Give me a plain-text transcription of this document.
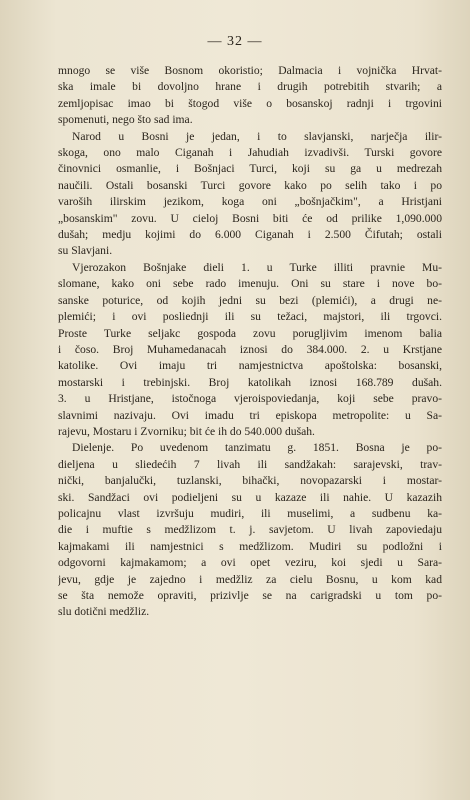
— 32 —
mnogo se više Bosnom okoristio; Dalmacia i vojnička Hrvat-
ska imale bi dovoljno hrane i drugih potrebitih stvarih; a
zemljopisac imao bi štogod više o bosanskoj radnji i trgovini
spomenuti, nego što sad ima.
Narod u Bosni je jedan, i to slavjanski, narječja ilir-
skoga, ono malo Ciganah i Jahudiah izvadivši. Turski govore
činovnici osmanlie, i Bošnjaci Turci, koji su ga u medrezah
naučili. Ostali bosanski Turci govore kako po selih tako i po
varoših ilirskim jezikom, koga oni „bošnjačkim", a Hristjani
„bosanskim" zovu. U cieloj Bosni biti će od prilike 1,090.000
dušah; medju kojimi do 6.000 Ciganah i 2.500 Čifutah; ostali
su Slavjani.
Vjerozakon Bošnjake dieli 1. u Turke illiti pravnie Mu-
slomane, kako oni sebe rado imenuju. Oni su stare i nove bo-
sanske poturice, od kojih jedni su bezi (plemići), a drugi ne-
plemići; i ovi posliednji ili su težaci, majstori, ili trgovci.
Proste Turke seljakc gospoda zovu poruglјivim imenom balia
i čoso. Broj Muhamedanacah iznosi do 384.000. 2. u Krstjane
katolike. Ovi imaju tri namjestnictva apoštolska: bosanski,
mostarski i trebinjski. Broj katolikah iznosi 168.789 dušah.
3. u Hristjane, istočnoga vjeroispoviedanja, koji sebe pravo-
slavnimi nazivaju. Ovi imadu tri episkopa metropolite: u Sa-
rajevu, Mostaru i Zvorniku; bit će ih do 540.000 dušah.
Dielenje. Po uvedenom tanzimatu g. 1851. Bosna je po-
dieljena u sliedećih 7 livah ili sandžakah: sarajevski, trav-
nički, banjalučki, tuzlanski, bihački, novopazarski i mostar-
ski. Sandžaci ovi podieljeni su u kazaze ili nahie. U kazazih
policajnu vlast izvršuju mudiri, ili muselimi, a sudbenu ka-
die i muftie s medžlizom t. j. savjetom. U livah zapoviedaju
kajmakami ili namjestnici s medžlizom. Mudiri su podložni i
odgovorni kajmakamom; a ovi opet veziru, koi sjedi u Sara-
jevu, gdje je zajedno i medžliz za cielu Bosnu, u kom kad
se šta nemože opraviti, prizivlje se na carigradski u tom po-
slu dotični medžliz.
